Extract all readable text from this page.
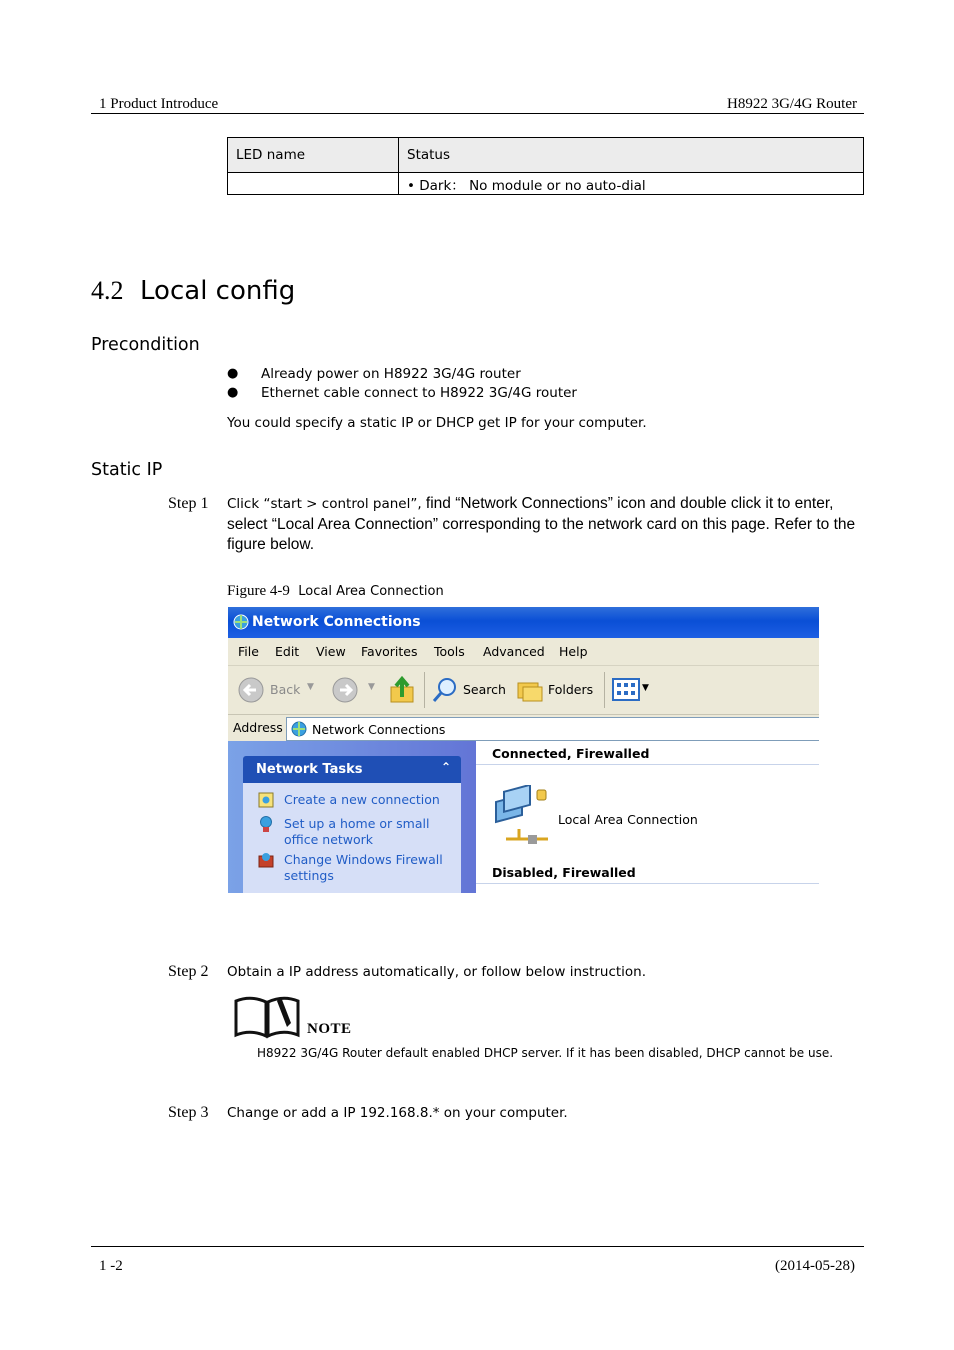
1 Product Introduce	H8922 3G/4G Router
LED name	Status
	• Dark： No module or no auto-dial
4.2 Local config
Precondition
● Already power on H8922 3G/4G router
● Ethernet cable connect to H8922 3G/4G router
You could specify a static IP or DHCP get IP for your computer.
Static IP
Step 1 Click “start > control panel”, find “Network Connections” icon and double click it to enter, select “Local Area Connection” corresponding to the network card on this page. Refer to the figure below.
Figure 4-9 Local Area Connection
Network Connections
File Edit View Favorites Tools Advanced Help
Back ▼	▼	Search	Folders	▼
Address Network Connections
Network Tasks	⌃
Create a new connection
Set up a home or small office network
Change Windows Firewall settings
Connected, Firewalled
Local Area Connection
Disabled, Firewalled
Step 2 Obtain a IP address automatically, or follow below instruction.
NOTE
H8922 3G/4G Router default enabled DHCP server. If it has been disabled, DHCP cannot be use.
Step 3 Change or add a IP 192.168.8.* on your computer.
1 -2	(2014-05-28)
